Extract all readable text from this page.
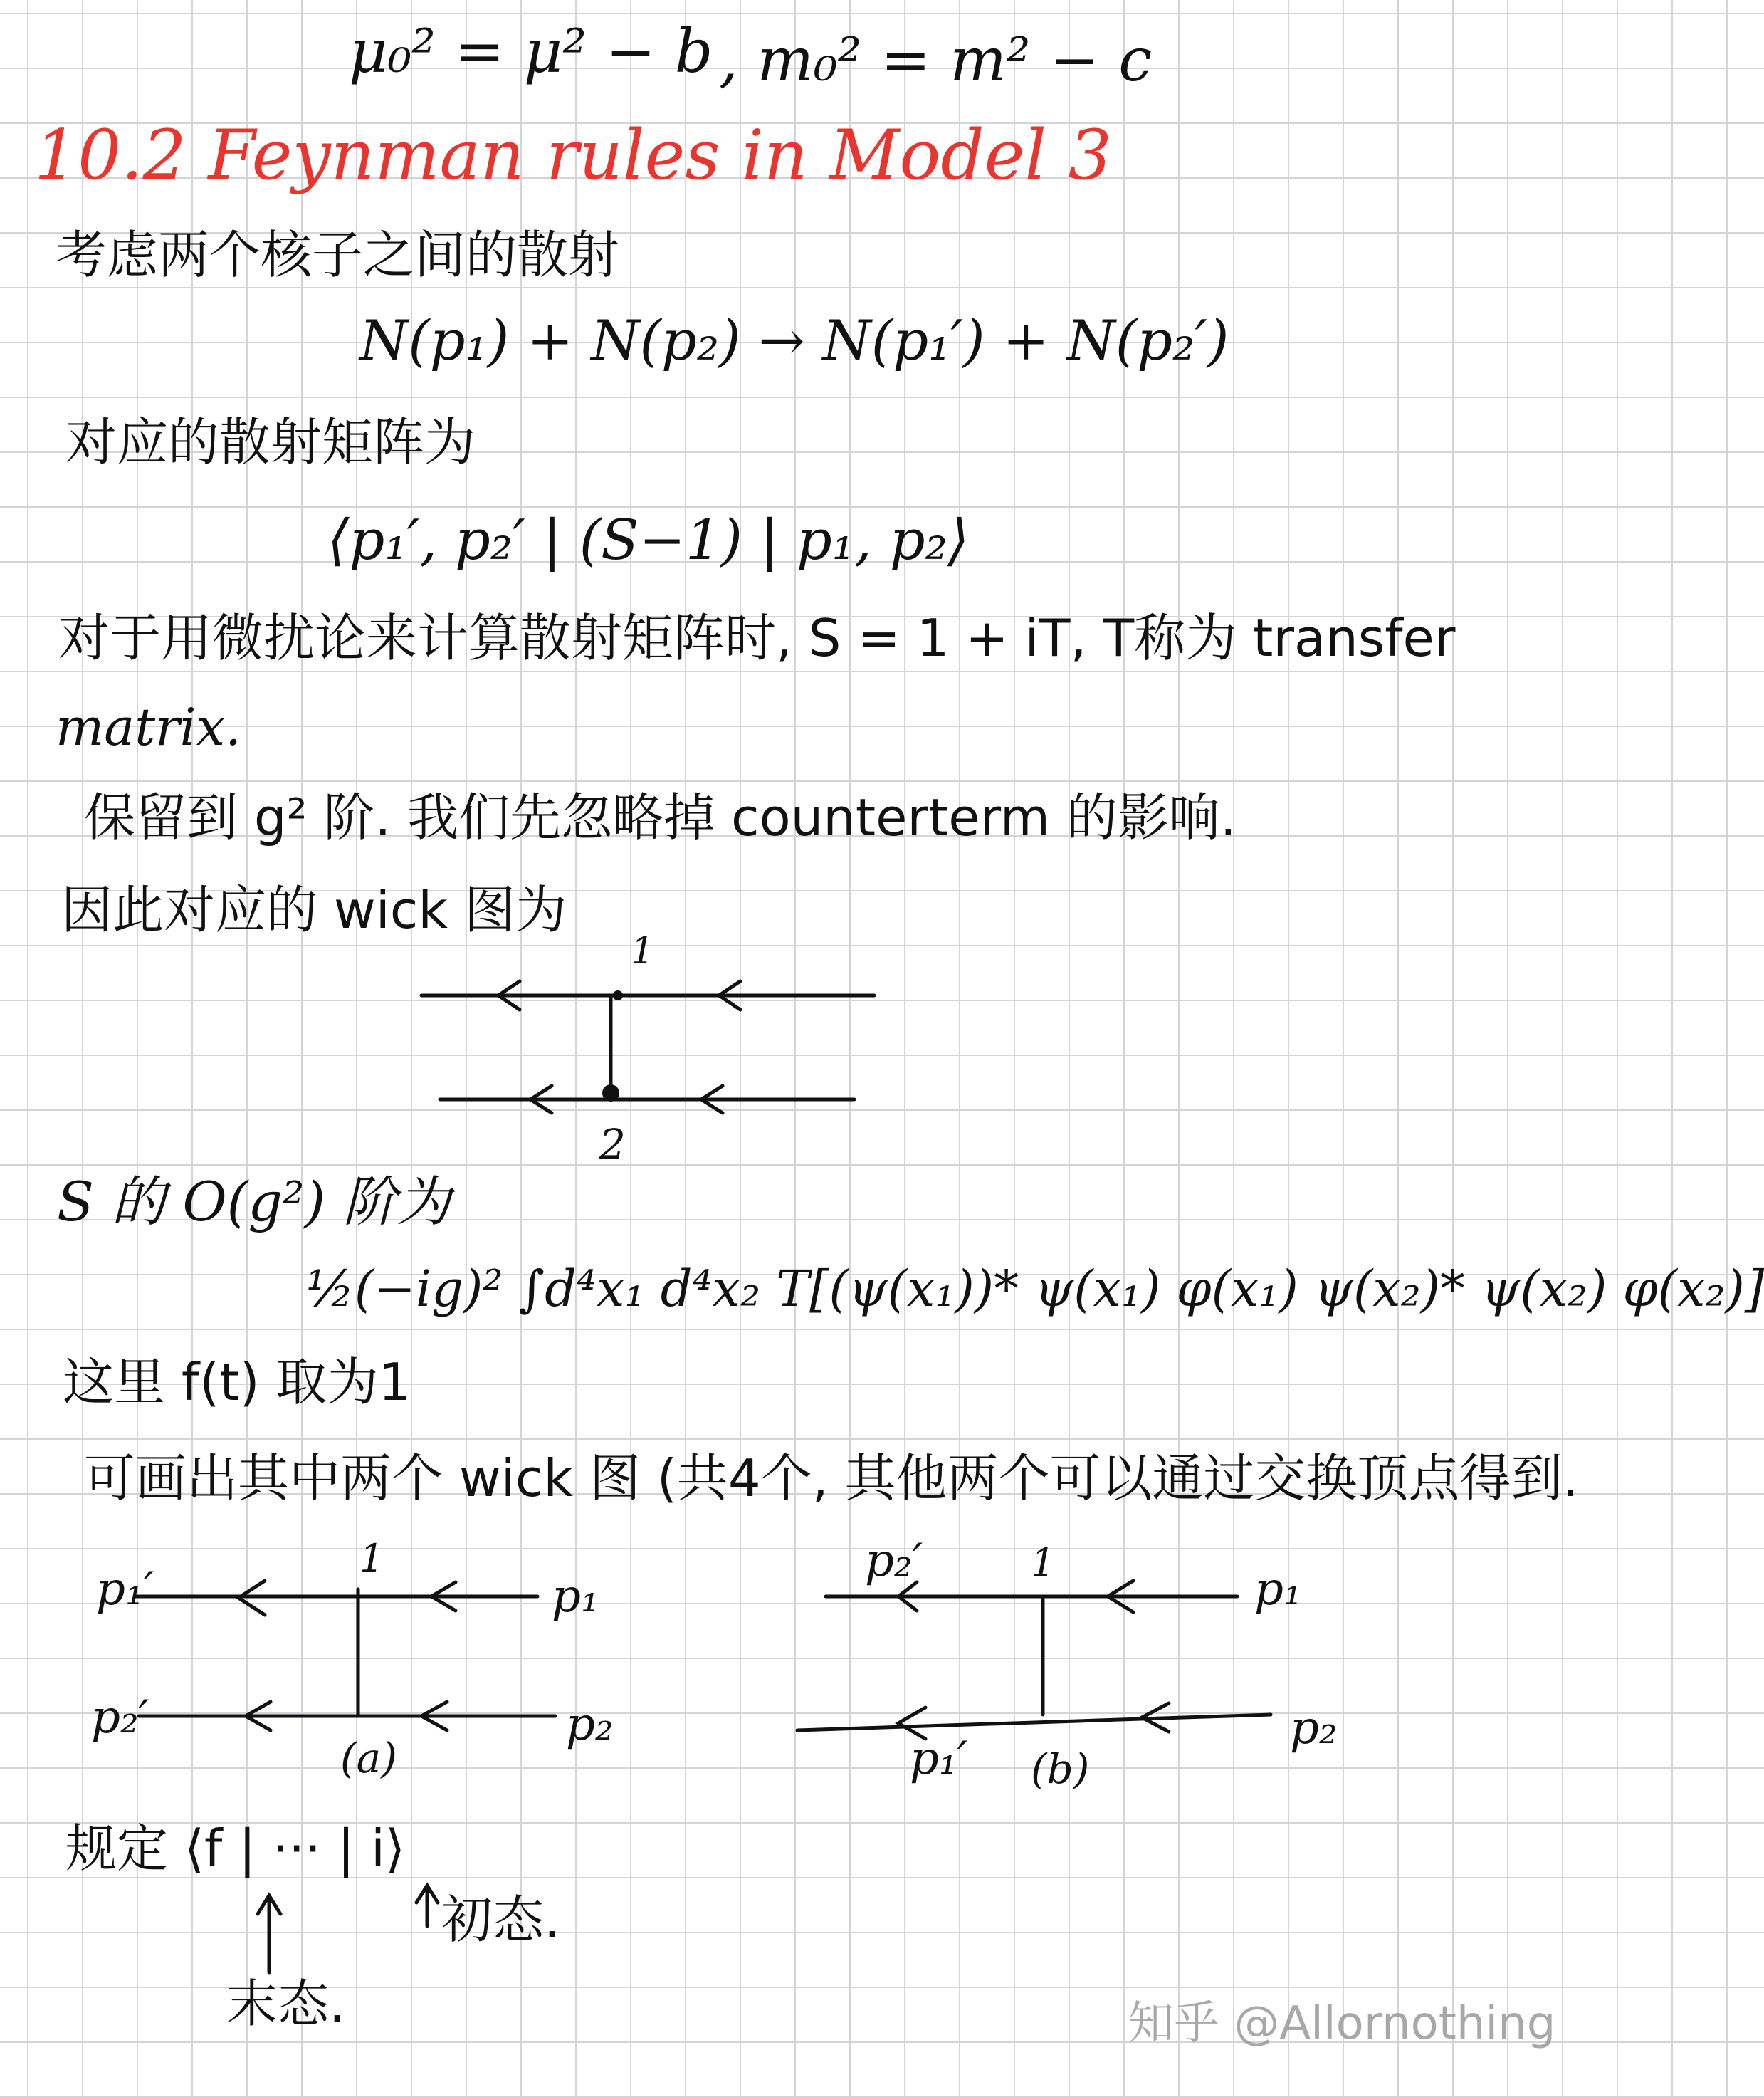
μ₀² = μ² − b , m₀² = m² − c
10.2 Feynman rules in Model 3
考虑两个核子之间的散射
N(p₁) + N(p₂) → N(p₁′) + N(p₂′)
对应的散射矩阵为
⟨p₁′, p₂′ | (S−1) | p₁, p₂⟩
对于用微扰论来计算散射矩阵时, S = 1 + iT, T称为 transfer
matrix.
保留到 g² 阶. 我们先忽略掉 counterterm 的影响.
因此对应的 wick 图为
1
2
S 的 O(g²) 阶为
½(−ig)² ∫d⁴x₁ d⁴x₂ T[(ψ(x₁))* ψ(x₁) φ(x₁) ψ(x₂)* ψ(x₂) φ(x₂)]
这里 f(t) 取为1
可画出其中两个 wick 图 (共4个, 其他两个可以通过交换顶点得到.
p₁′
p₂′
p₁
p₂
1
(a)
p₂′
p₁′
p₁
p₂
1
(b)
规定 ⟨f | ··· | i⟩
末态.
初态.
知乎 @Allornothing
